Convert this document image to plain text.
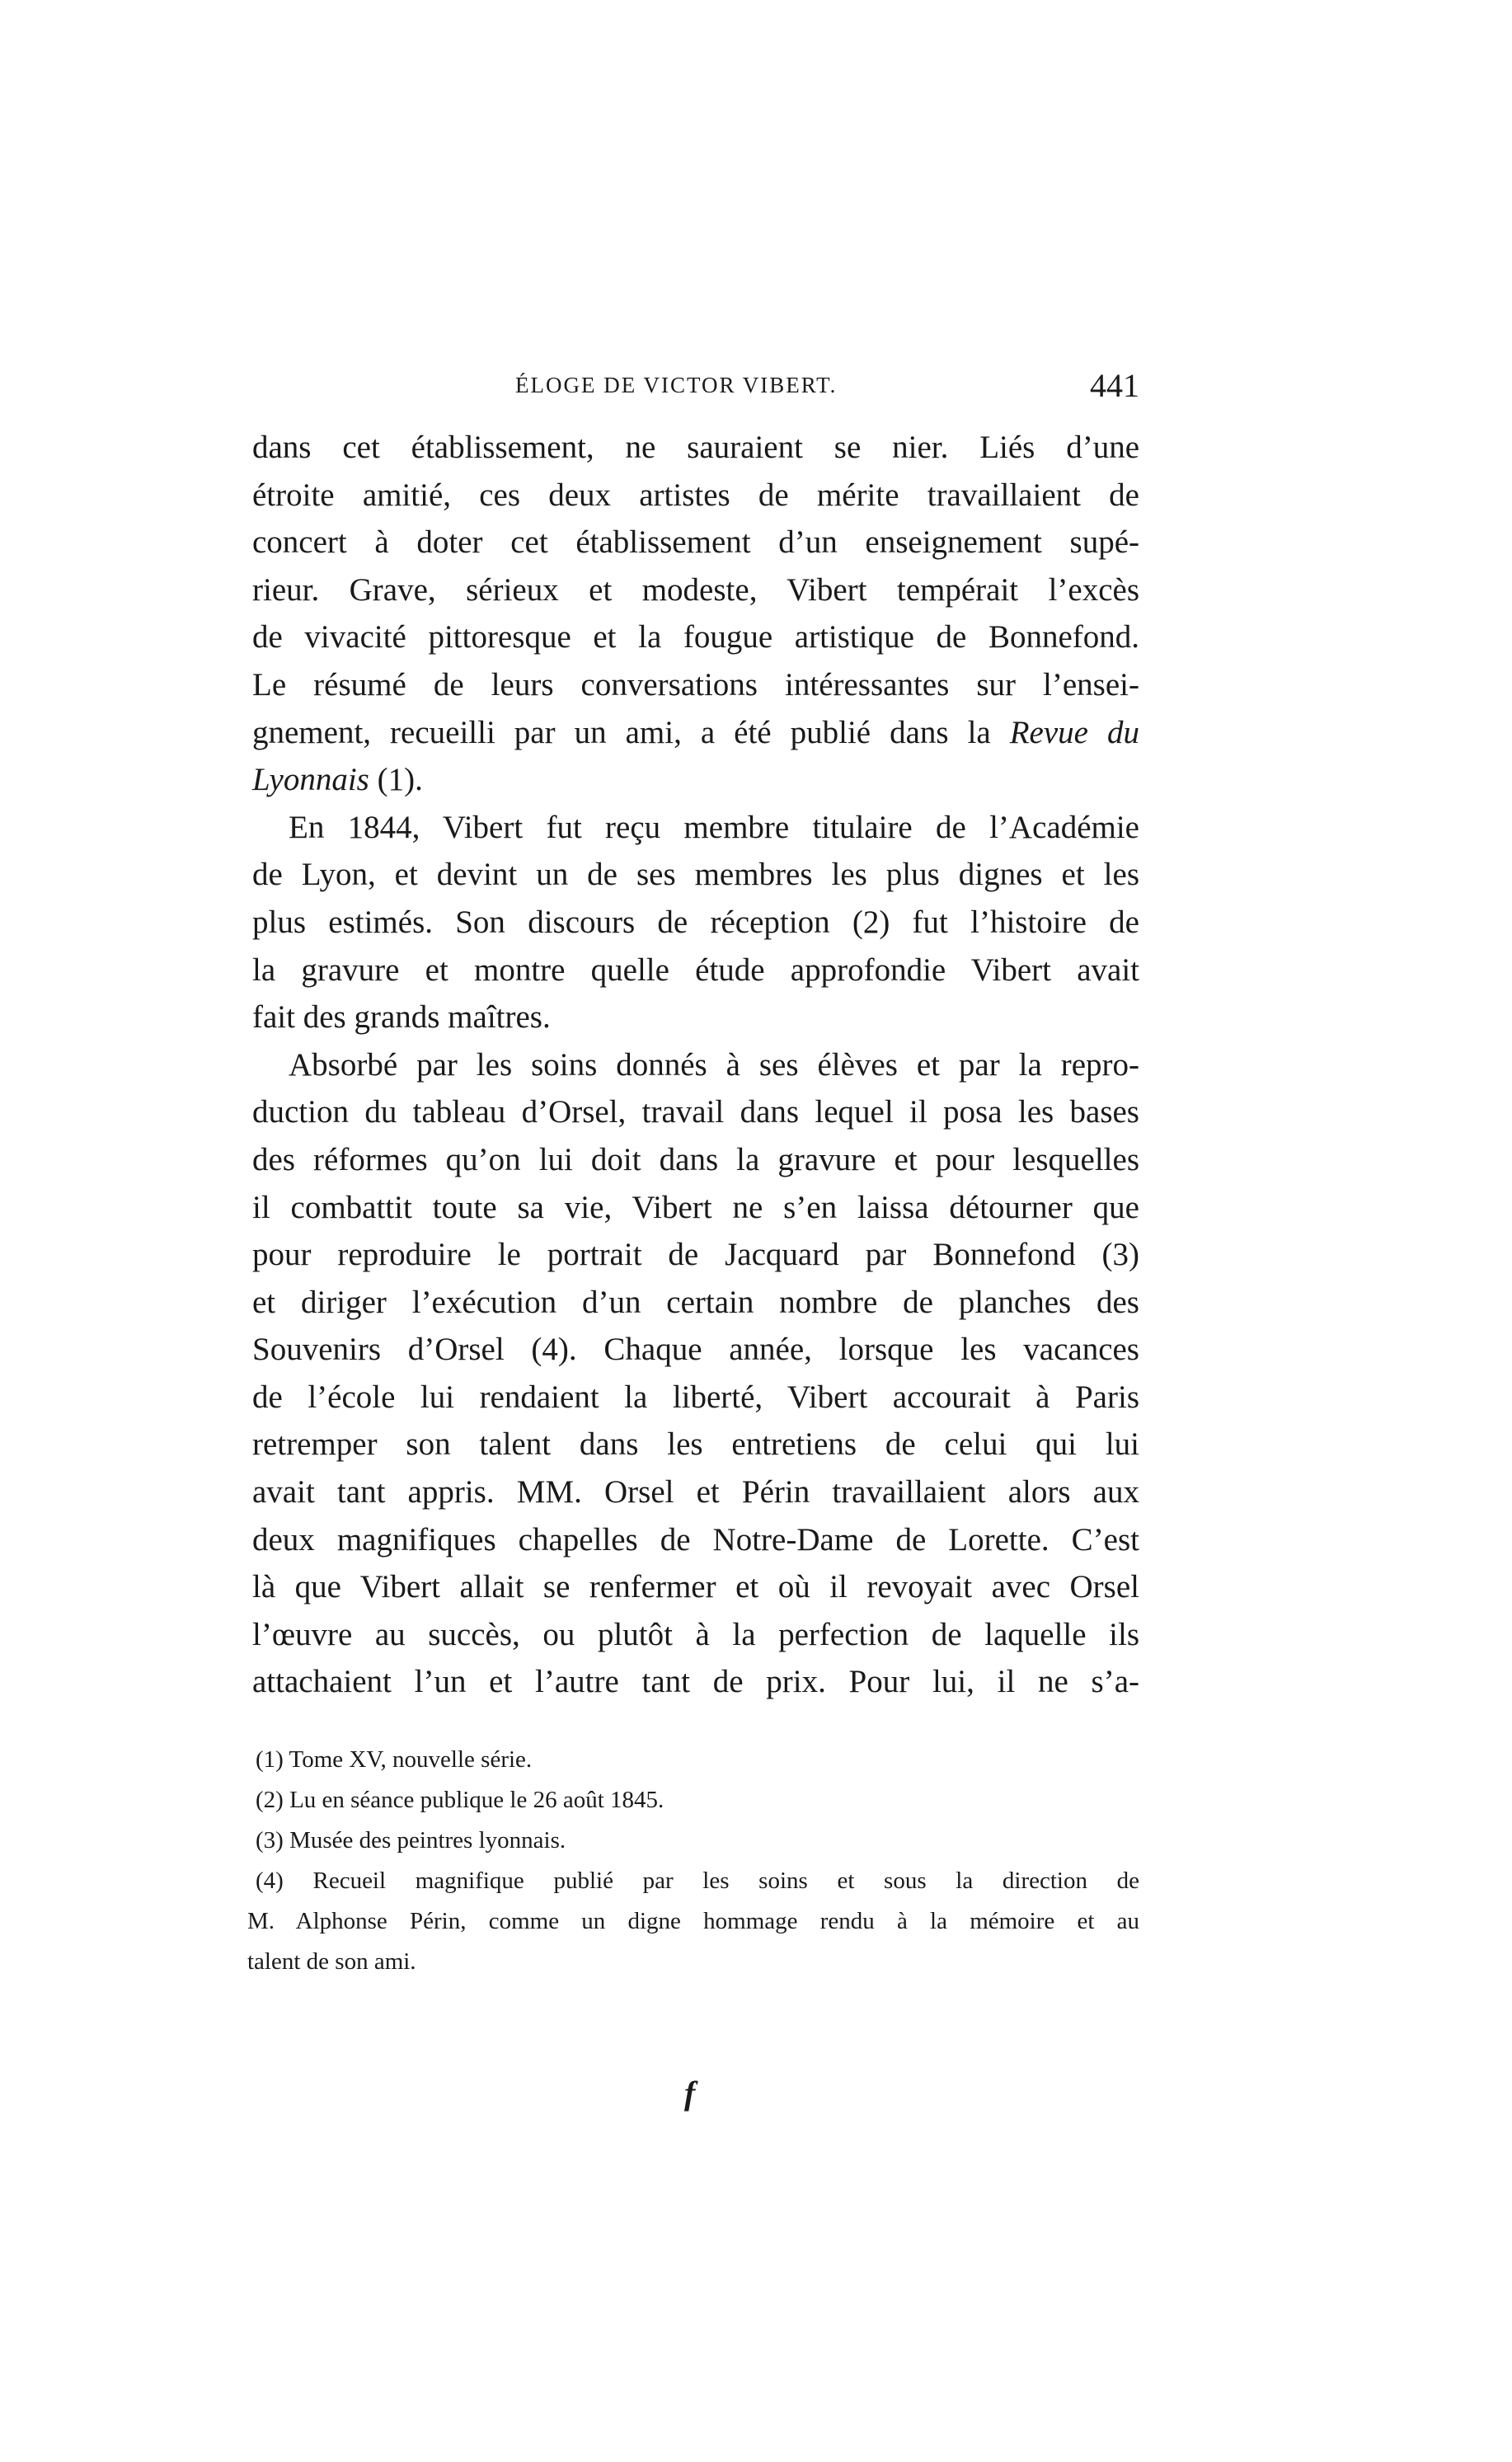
ÉLOGE DE VICTOR VIBERT.	441
dans cet établissement, ne sauraient se nier. Liés d’une
étroite amitié, ces deux artistes de mérite travaillaient de
concert à doter cet établissement d’un enseignement supé-
rieur. Grave, sérieux et modeste, Vibert tempérait l’excès
de vivacité pittoresque et la fougue artistique de Bonnefond.
Le résumé de leurs conversations intéressantes sur l’ensei-
gnement, recueilli par un ami, a été publié dans la Revue du
Lyonnais (1).
En 1844, Vibert fut reçu membre titulaire de l’Académie
de Lyon, et devint un de ses membres les plus dignes et les
plus estimés. Son discours de réception (2) fut l’histoire de
la gravure et montre quelle étude approfondie Vibert avait
fait des grands maîtres.
Absorbé par les soins donnés à ses élèves et par la repro-
duction du tableau d’Orsel, travail dans lequel il posa les bases
des réformes qu’on lui doit dans la gravure et pour lesquelles
il combattit toute sa vie, Vibert ne s’en laissa détourner que
pour reproduire le portrait de Jacquard par Bonnefond (3)
et diriger l’exécution d’un certain nombre de planches des
Souvenirs d’Orsel (4). Chaque année, lorsque les vacances
de l’école lui rendaient la liberté, Vibert accourait à Paris
retremper son talent dans les entretiens de celui qui lui
avait tant appris. MM. Orsel et Périn travaillaient alors aux
deux magnifiques chapelles de Notre-Dame de Lorette. C’est
là que Vibert allait se renfermer et où il revoyait avec Orsel
l’œuvre au succès, ou plutôt à la perfection de laquelle ils
attachaient l’un et l’autre tant de prix. Pour lui, il ne s’a-
(1) Tome XV, nouvelle série.
(2) Lu en séance publique le 26 août 1845.
(3) Musée des peintres lyonnais.
(4) Recueil magnifique publié par les soins et sous la direction de
M. Alphonse Périn, comme un digne hommage rendu à la mémoire et au
talent de son ami.
f
